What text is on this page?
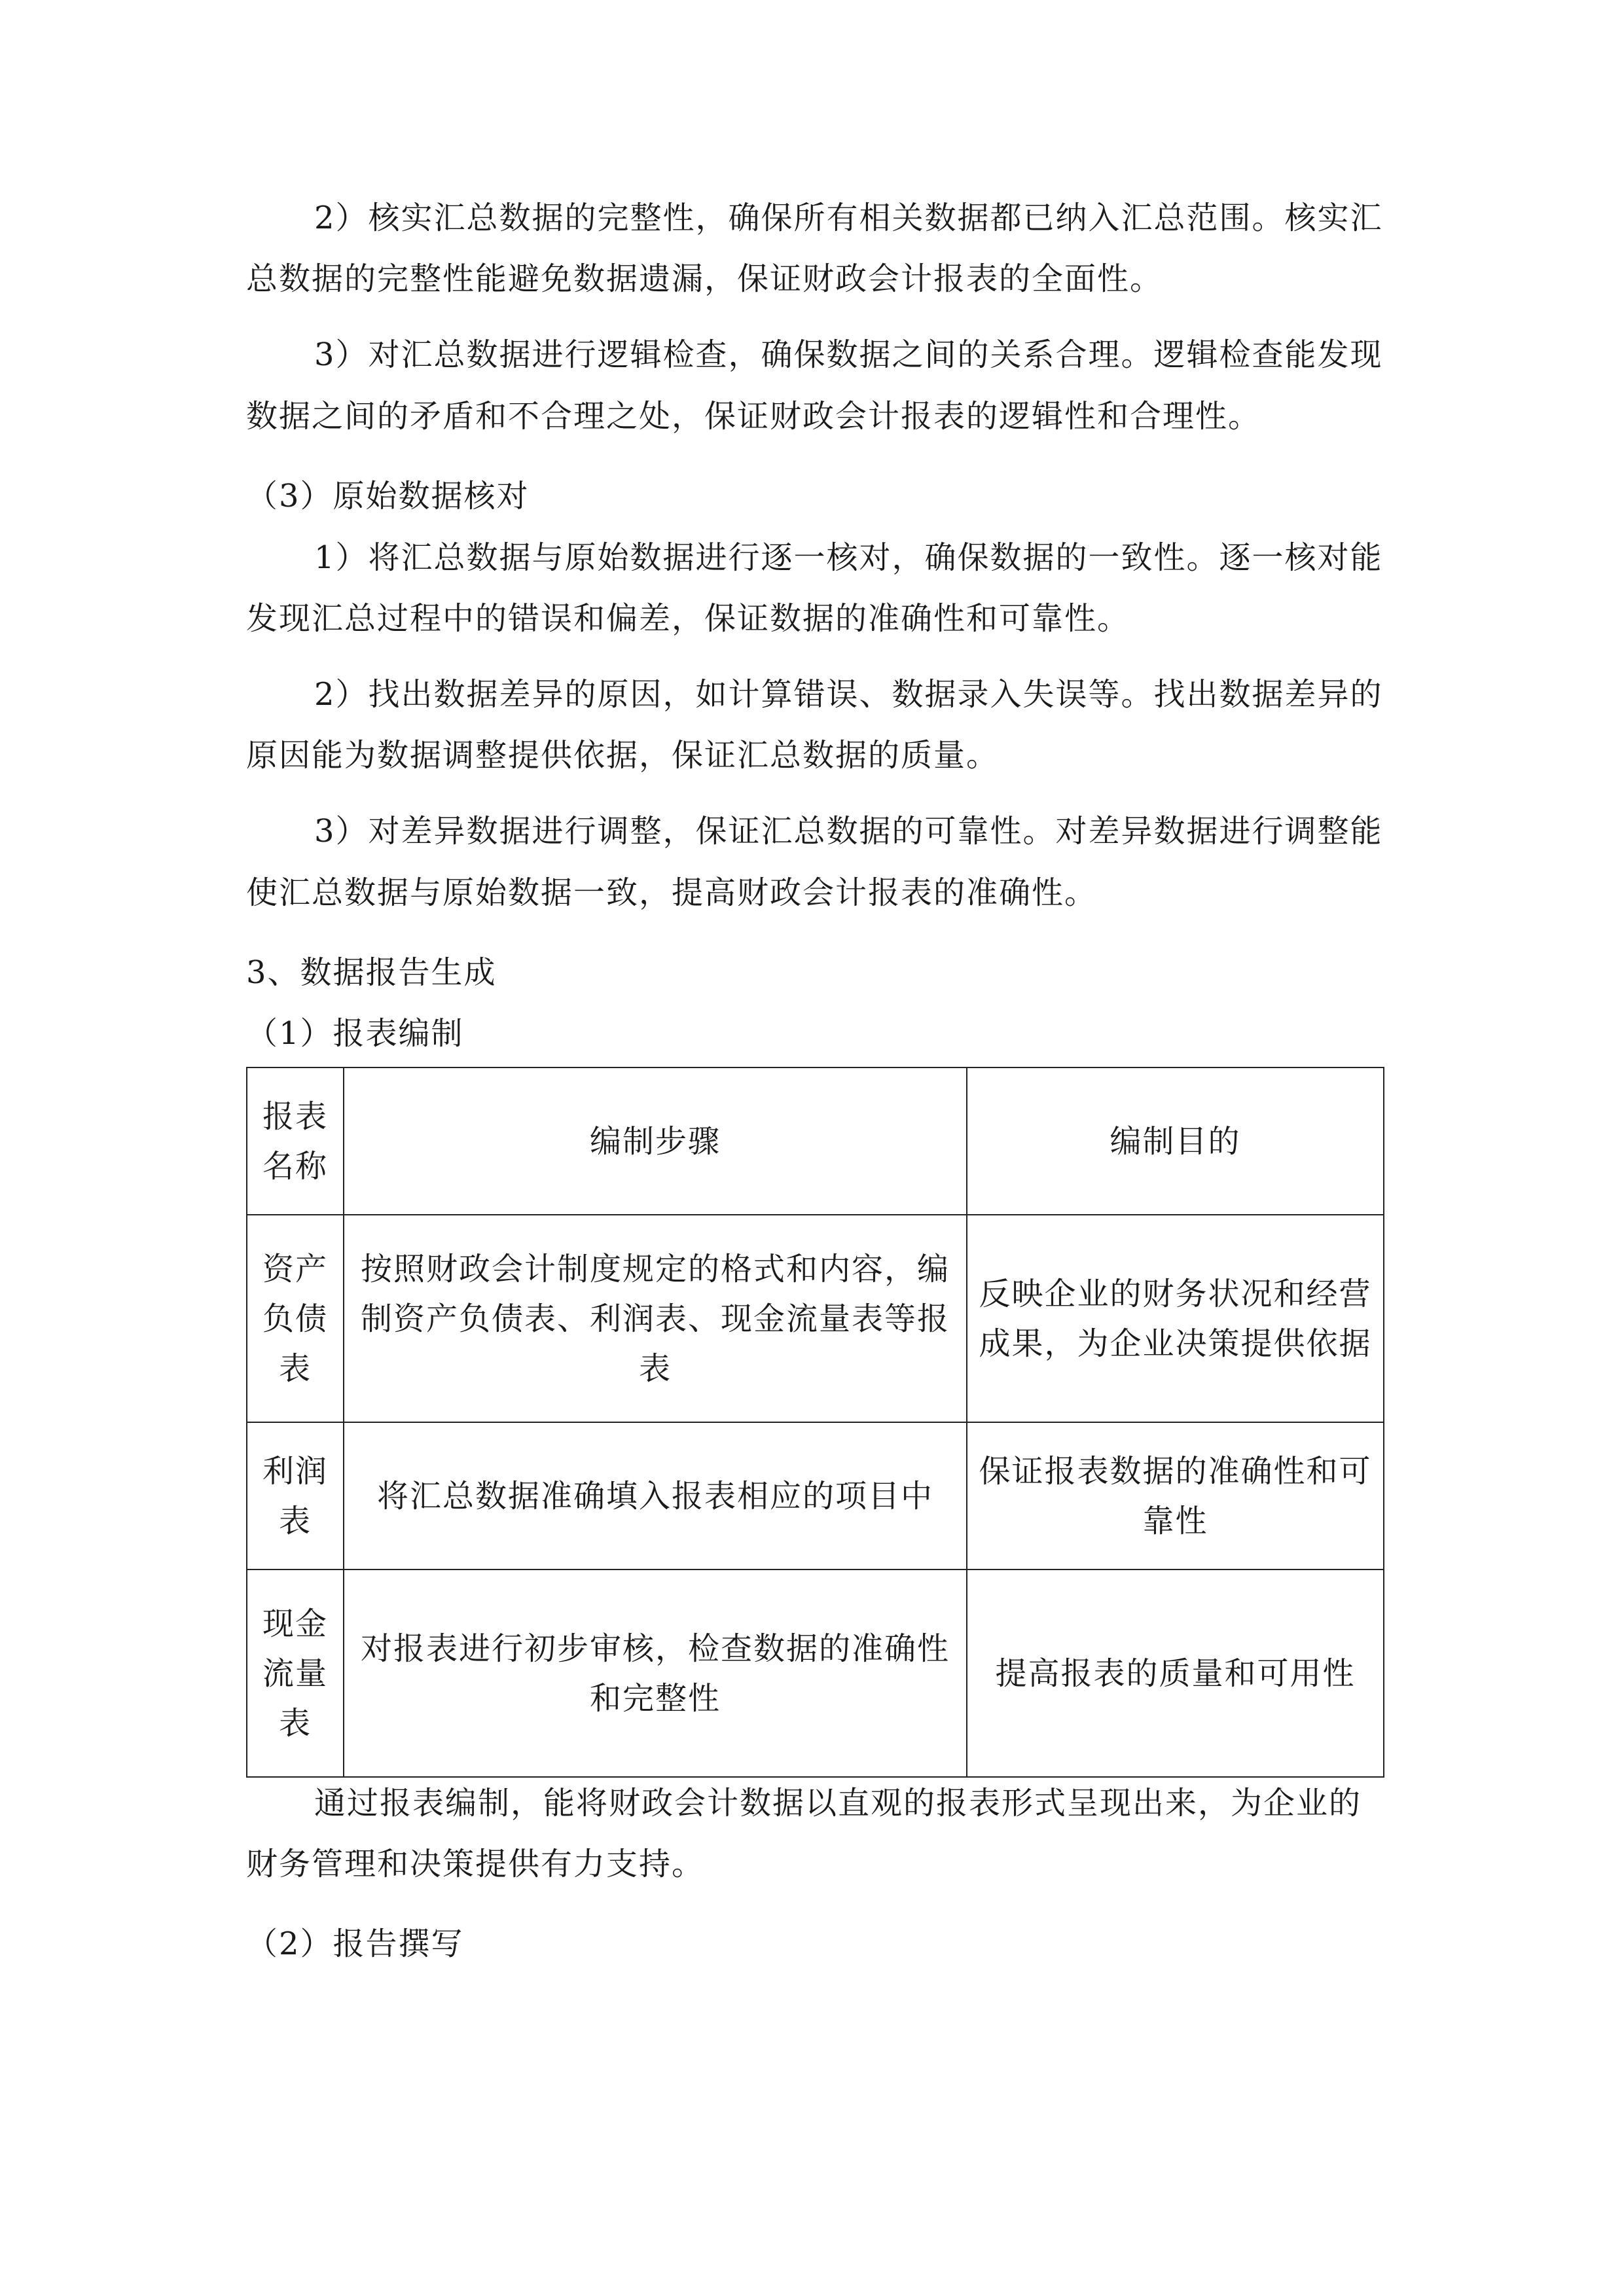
2）核实汇总数据的完整性，确保所有相关数据都已纳入汇总范围。核实汇
总数据的完整性能避免数据遗漏，保证财政会计报表的全面性。
3）对汇总数据进行逻辑检查，确保数据之间的关系合理。逻辑检查能发现
数据之间的矛盾和不合理之处，保证财政会计报表的逻辑性和合理性。
（3）原始数据核对
1）将汇总数据与原始数据进行逐一核对，确保数据的一致性。逐一核对能
发现汇总过程中的错误和偏差，保证数据的准确性和可靠性。
2）找出数据差异的原因，如计算错误、数据录入失误等。找出数据差异的
原因能为数据调整提供依据，保证汇总数据的质量。
3）对差异数据进行调整，保证汇总数据的可靠性。对差异数据进行调整能
使汇总数据与原始数据一致，提高财政会计报表的准确性。
3、数据报告生成
（1）报表编制
报表名称	编制步骤	编制目的
资产负债表	按照财政会计制度规定的格式和内容，编制资产负债表、利润表、现金流量表等报表	反映企业的财务状况和经营成果，为企业决策提供依据
利润表	将汇总数据准确填入报表相应的项目中	保证报表数据的准确性和可靠性
现金流量表	对报表进行初步审核，检查数据的准确性和完整性	提高报表的质量和可用性
通过报表编制，能将财政会计数据以直观的报表形式呈现出来，为企业的
财务管理和决策提供有力支持。
（2）报告撰写
